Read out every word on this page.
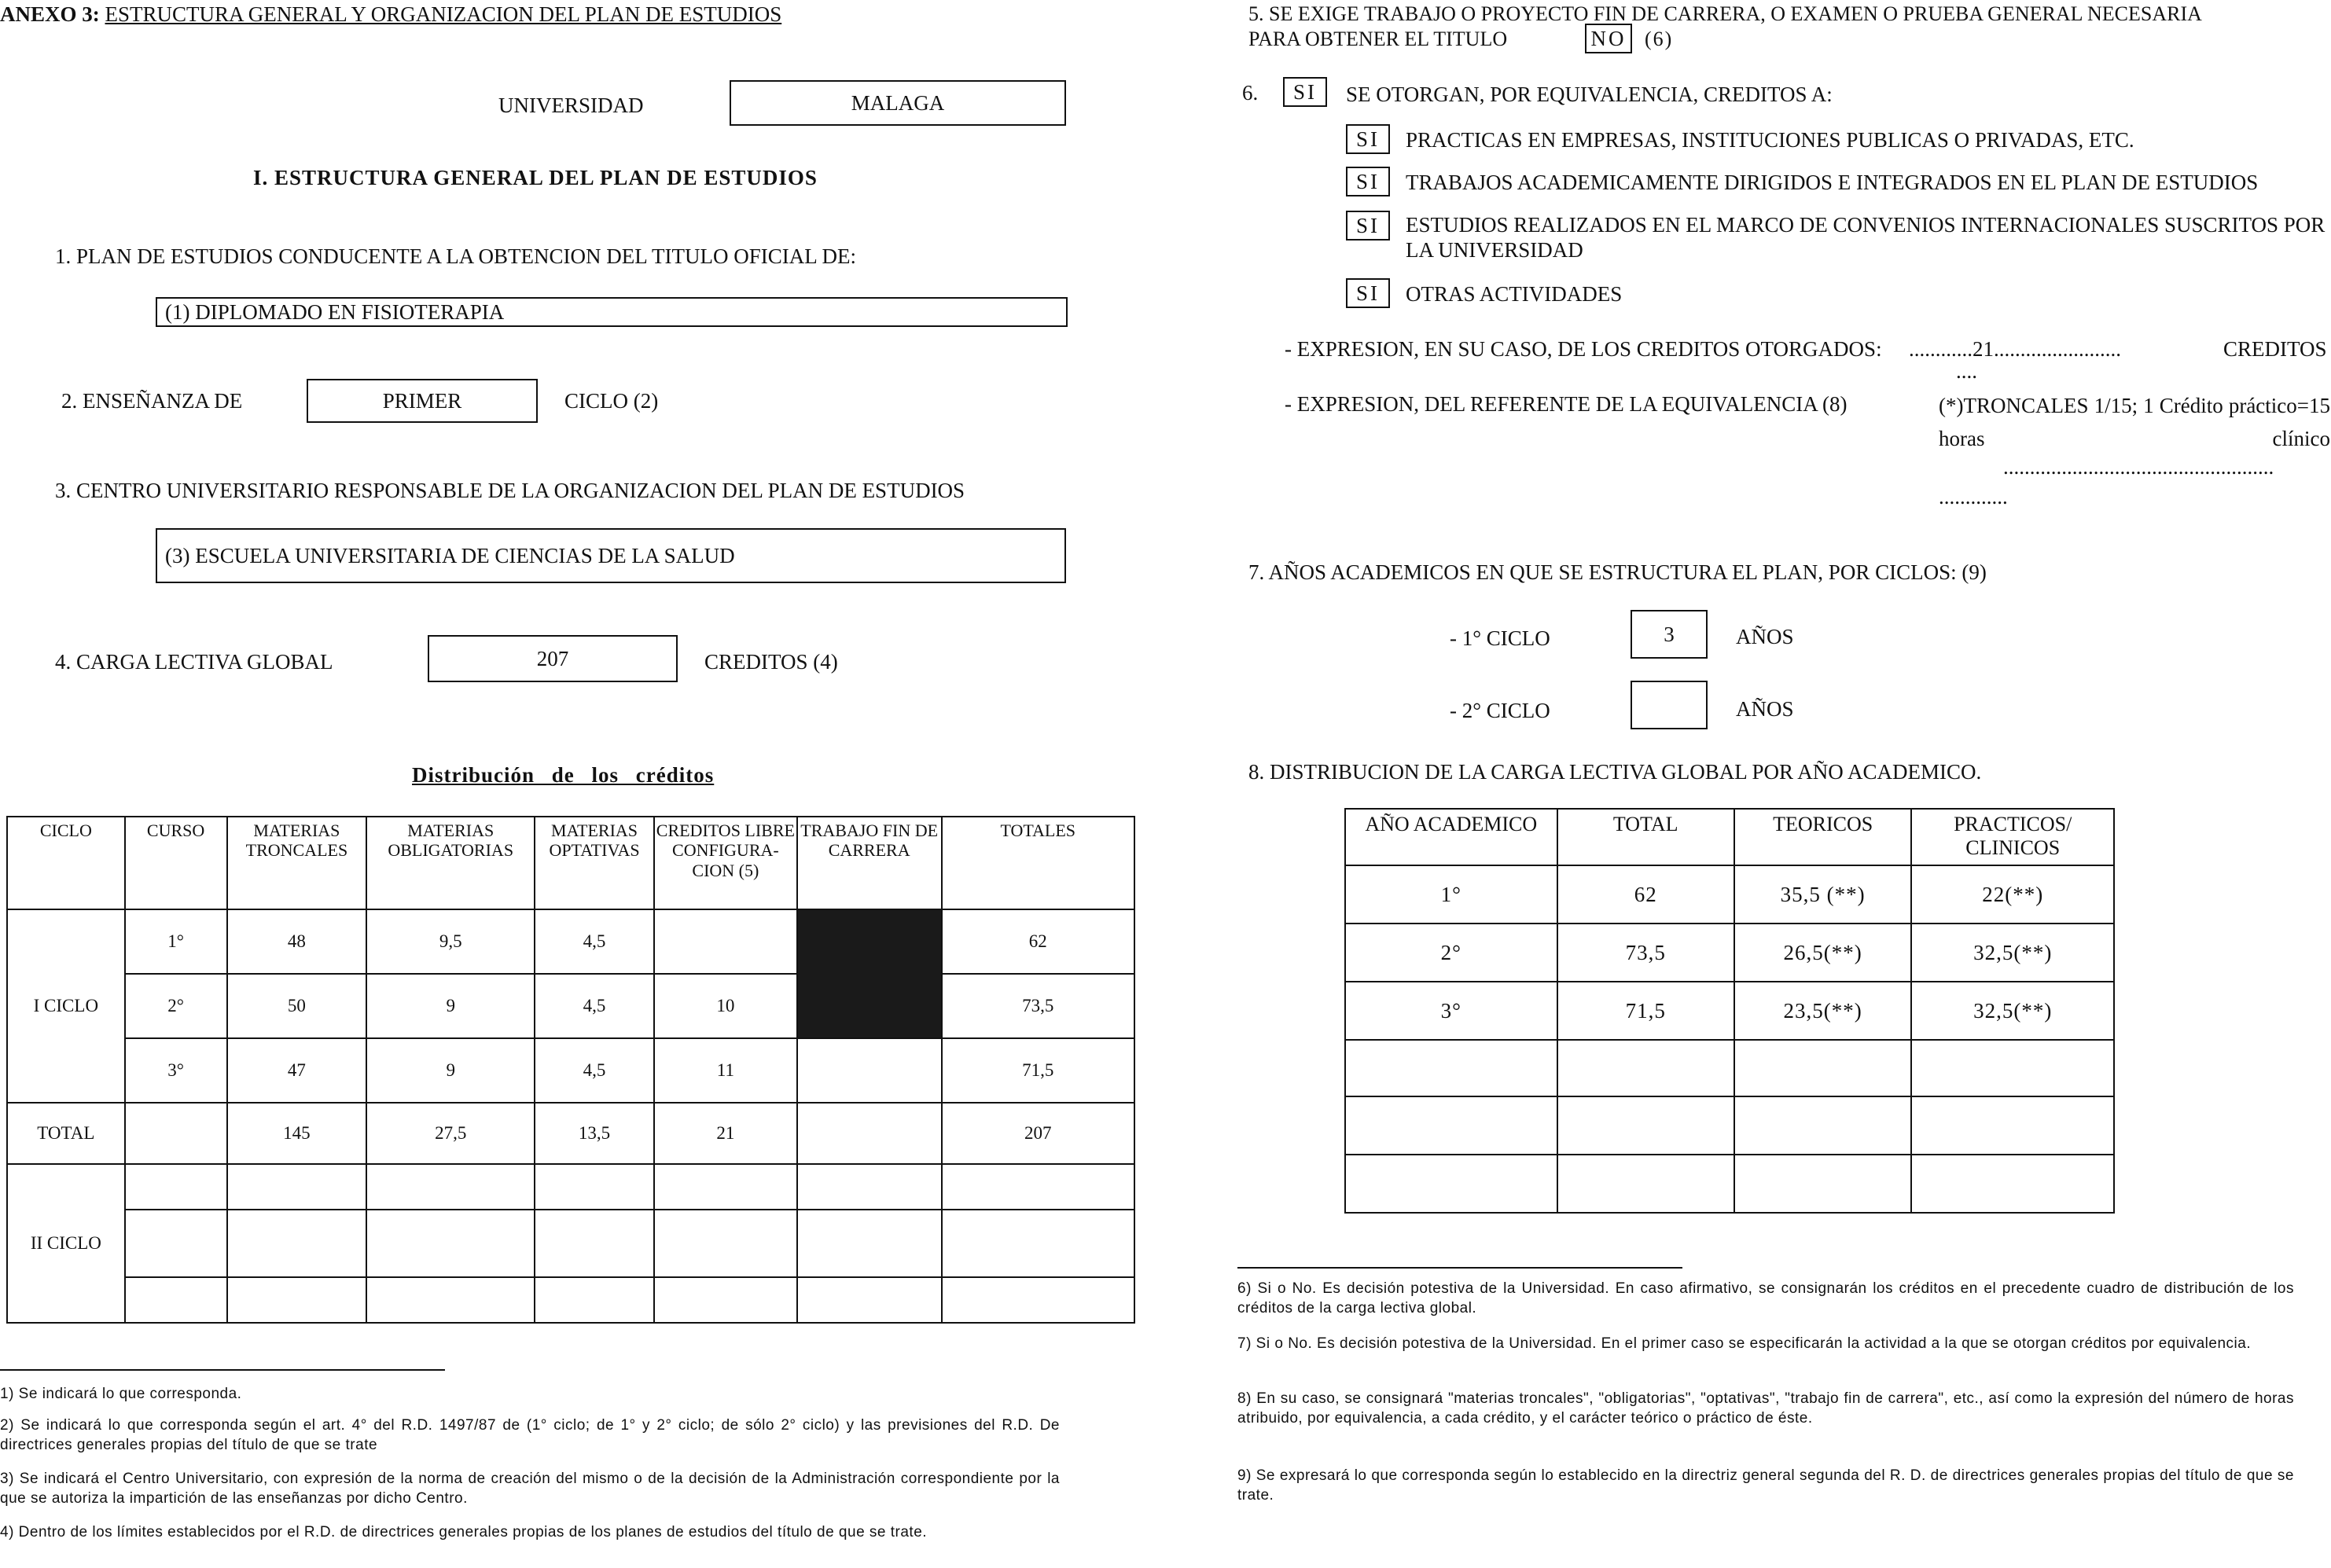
ANEXO 3: ESTRUCTURA GENERAL Y ORGANIZACION DEL PLAN DE ESTUDIOS
UNIVERSIDAD	MALAGA
I. ESTRUCTURA GENERAL DEL PLAN DE ESTUDIOS
1. PLAN DE ESTUDIOS CONDUCENTE A LA OBTENCION DEL TITULO OFICIAL DE:
(1) DIPLOMADO EN FISIOTERAPIA
2. ENSEÑANZA DE	PRIMER	CICLO (2)
3. CENTRO UNIVERSITARIO RESPONSABLE DE LA ORGANIZACION DEL PLAN DE ESTUDIOS
(3) ESCUELA UNIVERSITARIA DE CIENCIAS DE LA SALUD
4. CARGA LECTIVA GLOBAL	207	CREDITOS (4)
Distribución de los créditos
CICLO	CURSO	MATERIAS TRONCALES	MATERIAS OBLIGATORIAS	MATERIAS OPTATIVAS	CREDITOS LIBRE CONFIGURA-CION (5)	TRABAJO FIN DE CARRERA	TOTALES
I CICLO	1°	48	9,5	4,5			62
	2°	50	9	4,5	10		73,5
	3°	47	9	4,5	11		71,5
TOTAL		145	27,5	13,5	21		207
II CICLO							

1) Se indicará lo que corresponda.
2) Se indicará lo que corresponda según el art. 4° del R.D. 1497/87 de (1° ciclo; de 1° y 2° ciclo; de sólo 2° ciclo) y las previsiones del R.D. De directrices generales propias del título de que se trate
3) Se indicará el Centro Universitario, con expresión de la norma de creación del mismo o de la decisión de la Administración correspondiente por la que se autoriza la impartición de las enseñanzas por dicho Centro.
4) Dentro de los límites establecidos por el R.D. de directrices generales propias de los planes de estudios del título de que se trate.
5. SE EXIGE TRABAJO O PROYECTO FIN DE CARRERA, O EXAMEN O PRUEBA GENERAL NECESARIA
PARA OBTENER EL TITULO	NO (6)
6. SI SE OTORGAN, POR EQUIVALENCIA, CREDITOS A:
SI PRACTICAS EN EMPRESAS, INSTITUCIONES PUBLICAS O PRIVADAS, ETC.
SI TRABAJOS ACADEMICAMENTE DIRIGIDOS E INTEGRADOS EN EL PLAN DE ESTUDIOS
SI ESTUDIOS REALIZADOS EN EL MARCO DE CONVENIOS INTERNACIONALES SUSCRITOS POR LA UNIVERSIDAD
SI OTRAS ACTIVIDADES
- EXPRESION, EN SU CASO, DE LOS CREDITOS OTORGADOS: ............21........................	CREDITOS
....
- EXPRESION, DEL REFERENTE DE LA EQUIVALENCIA (8)	(*)TRONCALES 1/15; 1 Crédito práctico=15 horas clínico
...................................................
.............
7. AÑOS ACADEMICOS EN QUE SE ESTRUCTURA EL PLAN, POR CICLOS: (9)
- 1° CICLO	3	AÑOS
- 2° CICLO	AÑOS
8. DISTRIBUCION DE LA CARGA LECTIVA GLOBAL POR AÑO ACADEMICO.
AÑO ACADEMICO	TOTAL	TEORICOS	PRACTICOS/ CLINICOS
1°	62	35,5 (**)	22(**)
2°	73,5	26,5(**)	32,5(**)
3°	71,5	23,5(**)	32,5(**)

6) Si o No. Es decisión potestiva de la Universidad. En caso afirmativo, se consignarán los créditos en el precedente cuadro de distribución de los créditos de la carga lectiva global.
7) Si o No. Es decisión potestiva de la Universidad. En el primer caso se especificarán la actividad a la que se otorgan créditos por equivalencia.
8) En su caso, se consignará "materias troncales", "obligatorias", "optativas", "trabajo fin de carrera", etc., así como la expresión del número de horas atribuido, por equivalencia, a cada crédito, y el carácter teórico o práctico de éste.
9) Se expresará lo que corresponda según lo establecido en la directriz general segunda del R. D. de directrices generales propias del título de que se trate.
